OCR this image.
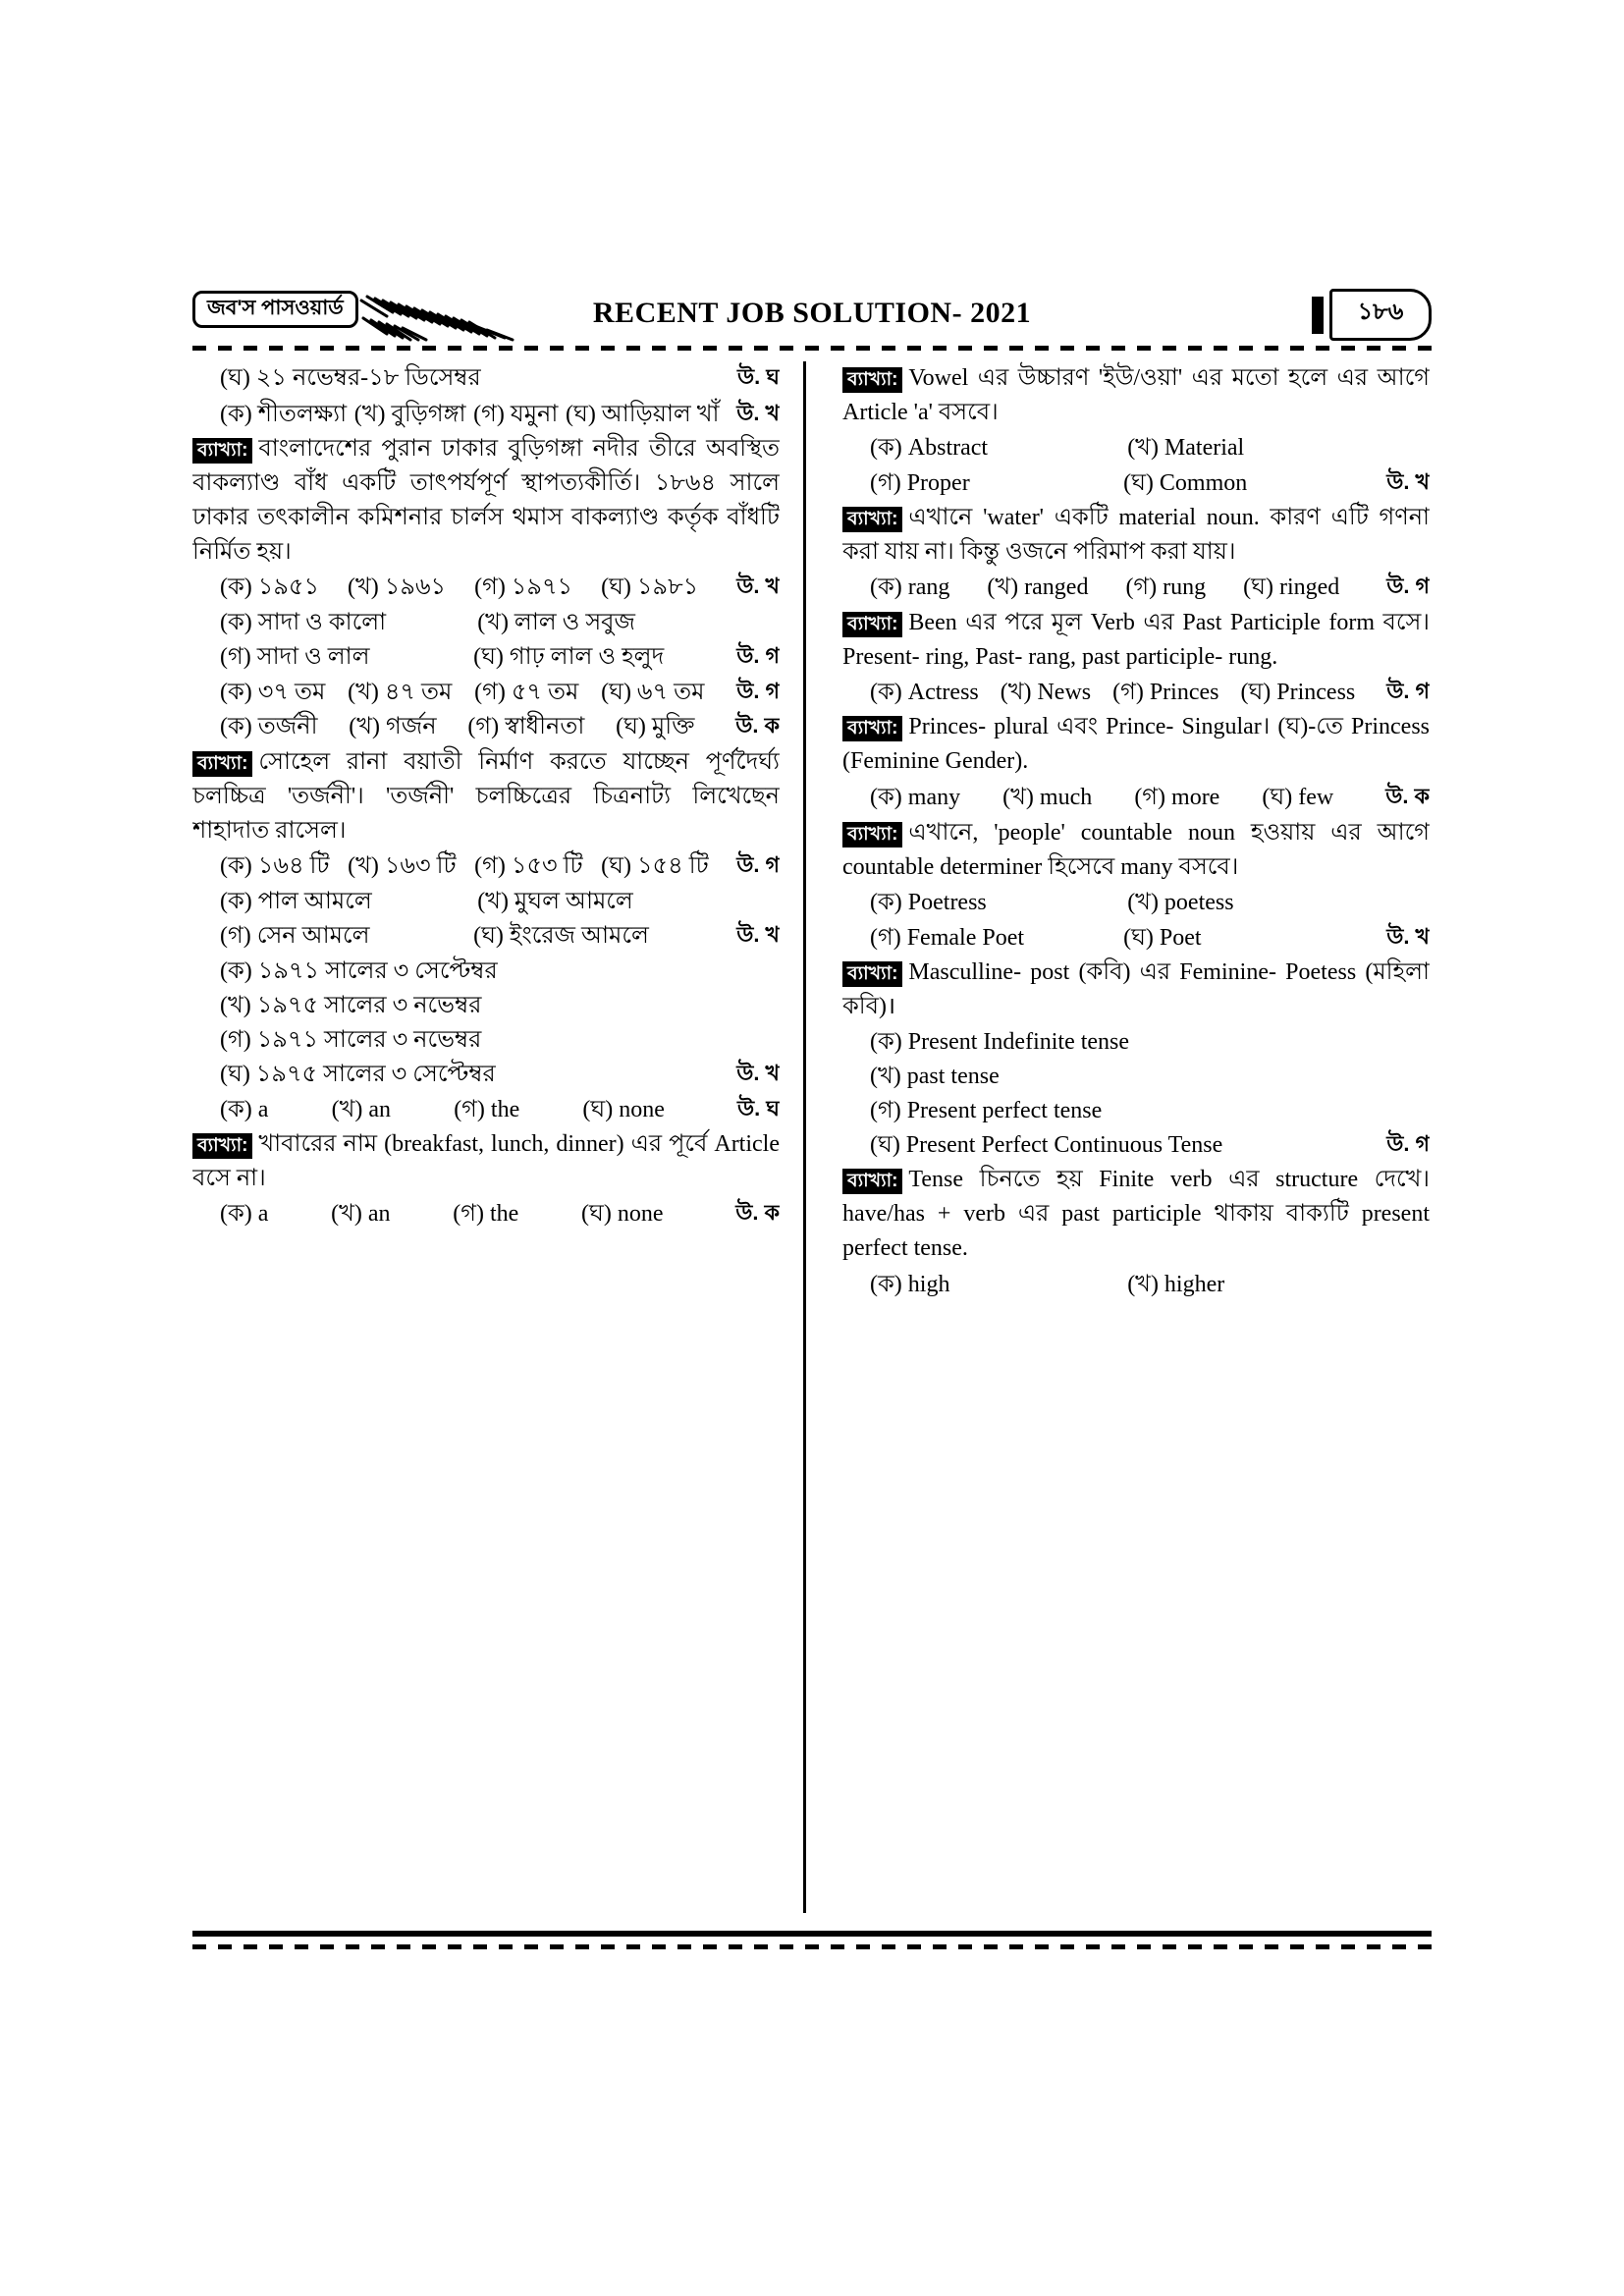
জব'স পাসওয়ার্ড	RECENT JOB SOLUTION- 2021	১৮৬
(ঘ) ২১ নভেম্বর-১৮ ডিসেম্বর	উ. ঘ
(ক) শীতলক্ষ্যা (খ) বুড়িগঙ্গা (গ) যমুনা (ঘ) আড়িয়াল খাঁ উ. খ
ব্যাখ্যা: বাংলাদেশের পুরান ঢাকার বুড়িগঙ্গা নদীর তীরে অবস্থিত বাকল্যাণ্ড বাঁধ একটি তাৎপর্যপূর্ণ স্থাপত্যকীর্তি। ১৮৬৪ সালে ঢাকার তৎকালীন কমিশনার চার্লস থমাস বাকল্যাণ্ড কর্তৃক বাঁধটি নির্মিত হয়।
(ক) ১৯৫১	(খ) ১৯৬১	(গ) ১৯৭১	(ঘ) ১৯৮১	উ. খ
(ক) সাদা ও কালো	(খ) লাল ও সবুজ
(গ) সাদা ও লাল	(ঘ) গাঢ় লাল ও হলুদ	উ. গ
(ক) ৩৭ তম (খ) ৪৭ তম (গ) ৫৭ তম (ঘ) ৬৭ তম	উ. গ
(ক) তর্জনী	(খ) গর্জন	(গ) স্বাধীনতা	(ঘ) মুক্তি	উ. ক
ব্যাখ্যা: সোহেল রানা বয়াতী নির্মাণ করতে যাচ্ছেন পূর্ণদৈর্ঘ্য চলচ্চিত্র 'তর্জনী'। 'তর্জনী' চলচ্চিত্রের চিত্রনাট্য লিখেছেন শাহাদাত রাসেল।
(ক) ১৬৪ টি (খ) ১৬৩ টি (গ) ১৫৩ টি (ঘ) ১৫৪ টি	উ. গ
(ক) পাল আমলে	(খ) মুঘল আমলে
(গ) সেন আমলে	(ঘ) ইংরেজ আমলে	উ. খ
(ক) ১৯৭১ সালের ৩ সেপ্টেম্বর
(খ) ১৯৭৫ সালের ৩ নভেম্বর
(গ) ১৯৭১ সালের ৩ নভেম্বর
(ঘ) ১৯৭৫ সালের ৩ সেপ্টেম্বর	উ. খ
(ক) a	(খ) an	(গ) the	(ঘ) none	উ. ঘ
ব্যাখ্যা: খাবারের নাম (breakfast, lunch, dinner) এর পূর্বে Article বসে না।
(ক) a	(খ) an	(গ) the	(ঘ) none	উ. ক
ব্যাখ্যা: Vowel এর উচ্চারণ 'ইউ/ওয়া' এর মতো হলে এর আগে Article 'a' বসবে।
(ক) Abstract	(খ) Material
(গ) Proper	(ঘ) Common	উ. খ
ব্যাখ্যা: এখানে 'water' একটি material noun. কারণ এটি গণনা করা যায় না। কিন্তু ওজনে পরিমাপ করা যায়।
(ক) rang	(খ) ranged	(গ) rung	(ঘ) ringed	উ. গ
ব্যাখ্যা: Been এর পরে মূল Verb এর Past Participle form বসে। Present- ring, Past- rang, past participle- rung.
(ক) Actress (খ) News (গ) Princes (ঘ) Princess	উ. গ
ব্যাখ্যা: Princes- plural এবং Prince- Singular। (ঘ)-তে Princess (Feminine Gender).
(ক) many	(খ) much	(গ) more	(ঘ) few	উ. ক
ব্যাখ্যা: এখানে, 'people' countable noun হওয়ায় এর আগে countable determiner হিসেবে many বসবে।
(ক) Poetress	(খ) poetess
(গ) Female Poet	(ঘ) Poet	উ. খ
ব্যাখ্যা: Masculline- post (কবি) এর Feminine- Poetess (মহিলা কবি)।
(ক) Present Indefinite tense
(খ) past tense
(গ) Present perfect tense
(ঘ) Present Perfect Continuous Tense	উ. গ
ব্যাখ্যা: Tense চিনতে হয় Finite verb এর structure দেখে। have/has + verb এর past participle থাকায় বাক্যটি present perfect tense.
(ক) high	(খ) higher
